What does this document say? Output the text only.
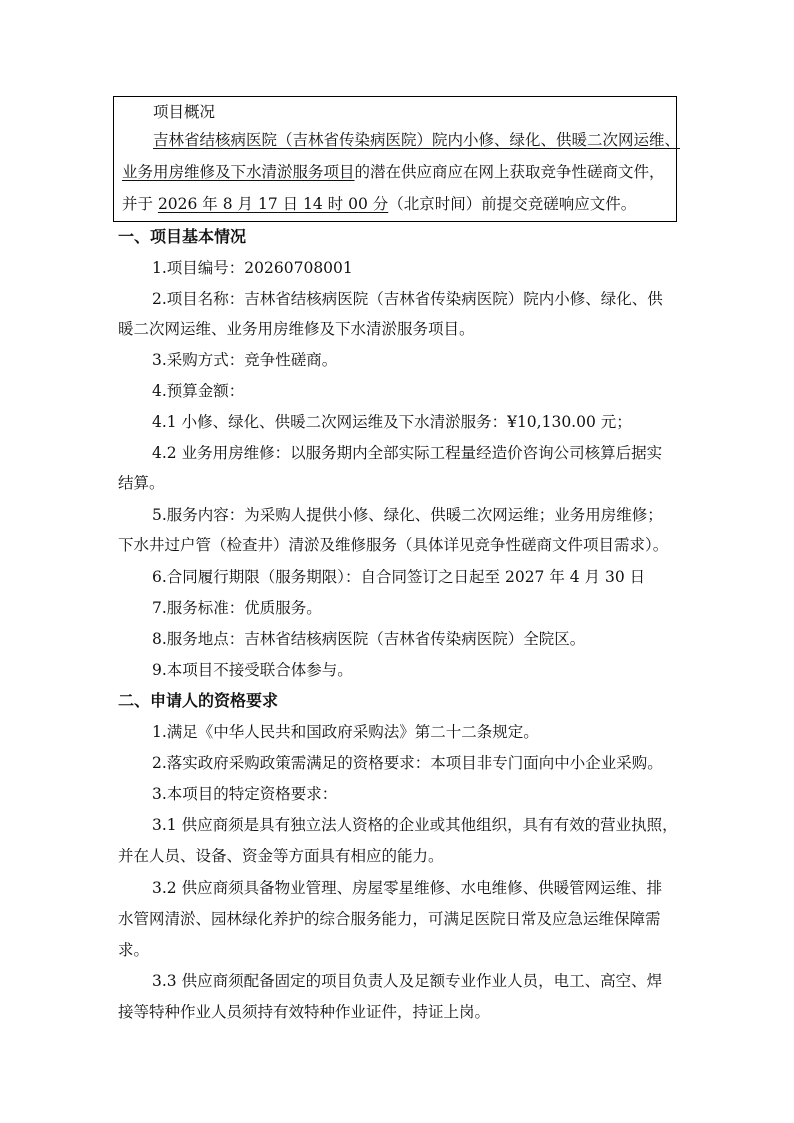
项目概况
吉林省结核病医院（吉林省传染病医院）院内小修、绿化、供暖二次网运维、
业务用房维修及下水清淤服务项目的潜在供应商应在网上获取竞争性磋商文件，
并于 2026 年 8 月 17 日 14 时 00 分（北京时间）前提交竞磋响应文件。
一、项目基本情况
1.项目编号：20260708001
2.项目名称：吉林省结核病医院（吉林省传染病医院）院内小修、绿化、供
暖二次网运维、业务用房维修及下水清淤服务项目。
3.采购方式：竞争性磋商。
4.预算金额：
4.1 小修、绿化、供暖二次网运维及下水清淤服务：¥10,130.00 元；
4.2 业务用房维修：以服务期内全部实际工程量经造价咨询公司核算后据实
结算。
5.服务内容：为采购人提供小修、绿化、供暖二次网运维；业务用房维修；
下水井过户管（检查井）清淤及维修服务（具体详见竞争性磋商文件项目需求）。
6.合同履行期限（服务期限）：自合同签订之日起至 2027 年 4 月 30 日
7.服务标准：优质服务。
8.服务地点：吉林省结核病医院（吉林省传染病医院）全院区。
9.本项目不接受联合体参与。
二、申请人的资格要求
1.满足《中华人民共和国政府采购法》第二十二条规定。
2.落实政府采购政策需满足的资格要求：本项目非专门面向中小企业采购。
3.本项目的特定资格要求：
3.1 供应商须是具有独立法人资格的企业或其他组织，具有有效的营业执照，
并在人员、设备、资金等方面具有相应的能力。
3.2 供应商须具备物业管理、房屋零星维修、水电维修、供暖管网运维、排
水管网清淤、园林绿化养护的综合服务能力，可满足医院日常及应急运维保障需
求。
3.3 供应商须配备固定的项目负责人及足额专业作业人员，电工、高空、焊
接等特种作业人员须持有效特种作业证件，持证上岗。
